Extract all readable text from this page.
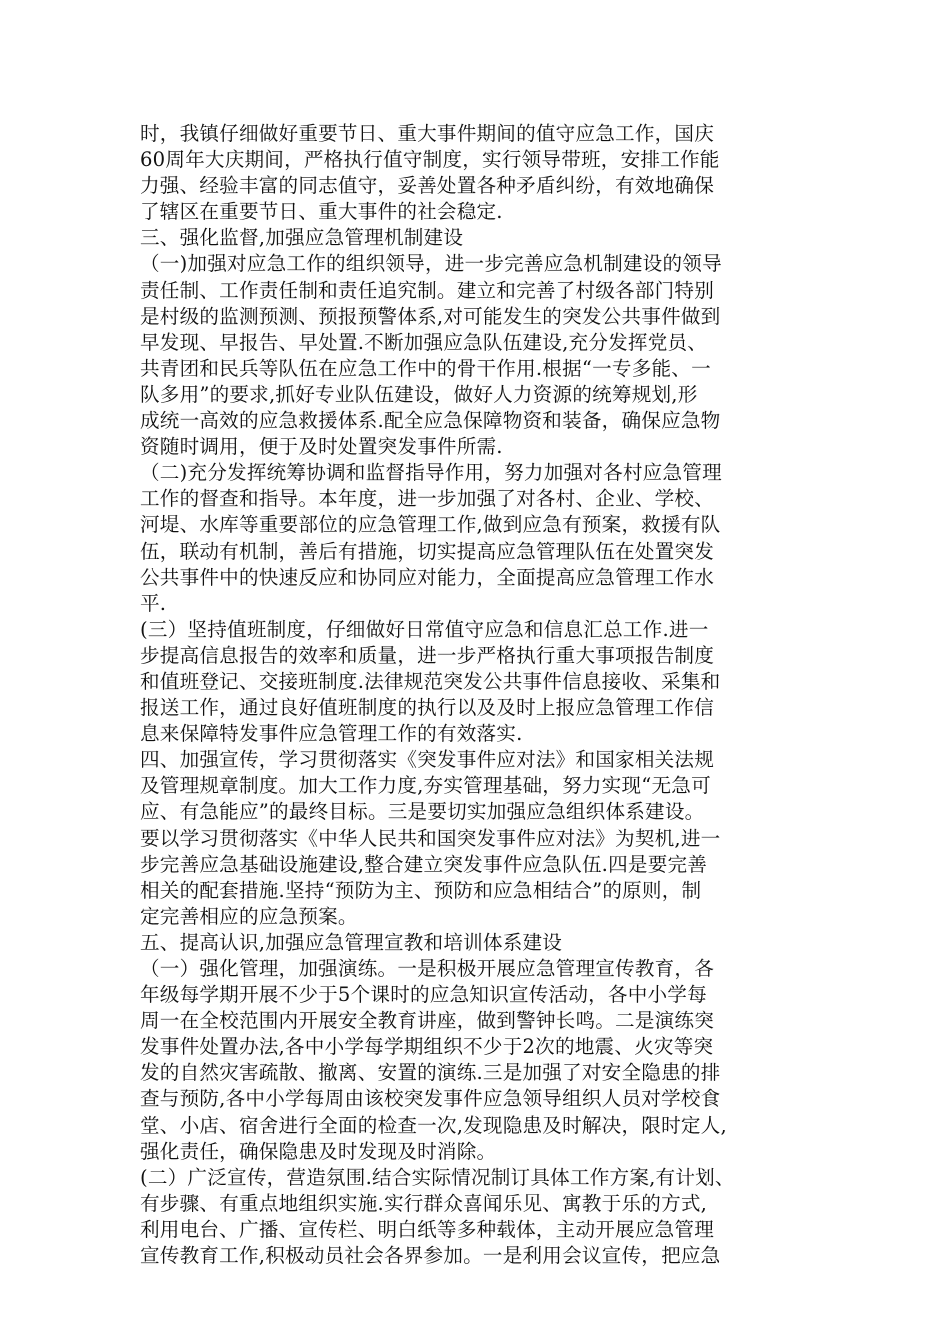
时，我镇仔细做好重要节日、重大事件期间的值守应急工作，国庆
60周年大庆期间，严格执行值守制度，实行领导带班，安排工作能
力强、经验丰富的同志值守，妥善处置各种矛盾纠纷，有效地确保
了辖区在重要节日、重大事件的社会稳定.
三、强化监督,加强应急管理机制建设
（一)加强对应急工作的组织领导，进一步完善应急机制建设的领导
责任制、工作责任制和责任追究制。建立和完善了村级各部门特别
是村级的监测预测、预报预警体系,对可能发生的突发公共事件做到
早发现、早报告、早处置.不断加强应急队伍建设,充分发挥党员、
共青团和民兵等队伍在应急工作中的骨干作用.根据“一专多能、一
队多用”的要求,抓好专业队伍建设，做好人力资源的统筹规划,形
成统一高效的应急救援体系.配全应急保障物资和装备，确保应急物
资随时调用，便于及时处置突发事件所需.
（二)充分发挥统筹协调和监督指导作用，努力加强对各村应急管理
工作的督查和指导。本年度，进一步加强了对各村、企业、学校、
河堤、水库等重要部位的应急管理工作,做到应急有预案，救援有队
伍，联动有机制，善后有措施，切实提高应急管理队伍在处置突发
公共事件中的快速反应和协同应对能力，全面提高应急管理工作水
平.
(三）坚持值班制度，仔细做好日常值守应急和信息汇总工作.进一
步提高信息报告的效率和质量，进一步严格执行重大事项报告制度
和值班登记、交接班制度.法律规范突发公共事件信息接收、采集和
报送工作，通过良好值班制度的执行以及及时上报应急管理工作信
息来保障特发事件应急管理工作的有效落实.
四、加强宣传，学习贯彻落实《突发事件应对法》和国家相关法规
及管理规章制度。加大工作力度,夯实管理基础，努力实现“无急可
应、有急能应”的最终目标。三是要切实加强应急组织体系建设。
要以学习贯彻落实《中华人民共和国突发事件应对法》为契机,进一
步完善应急基础设施建设,整合建立突发事件应急队伍.四是要完善
相关的配套措施.坚持“预防为主、预防和应急相结合”的原则，制
定完善相应的应急预案。
五、提高认识,加强应急管理宣教和培训体系建设
（一）强化管理，加强演练。一是积极开展应急管理宣传教育，各
年级每学期开展不少于5个课时的应急知识宣传活动，各中小学每
周一在全校范围内开展安全教育讲座，做到警钟长鸣。二是演练突
发事件处置办法,各中小学每学期组织不少于2次的地震、火灾等突
发的自然灾害疏散、撤离、安置的演练.三是加强了对安全隐患的排
查与预防,各中小学每周由该校突发事件应急领导组织人员对学校食
堂、小店、宿舍进行全面的检查一次,发现隐患及时解决，限时定人,
强化责任，确保隐患及时发现及时消除。
(二）广泛宣传，营造氛围.结合实际情况制订具体工作方案,有计划、
有步骤、有重点地组织实施.实行群众喜闻乐见、寓教于乐的方式,
利用电台、广播、宣传栏、明白纸等多种载体，主动开展应急管理
宣传教育工作,积极动员社会各界参加。一是利用会议宣传，把应急
